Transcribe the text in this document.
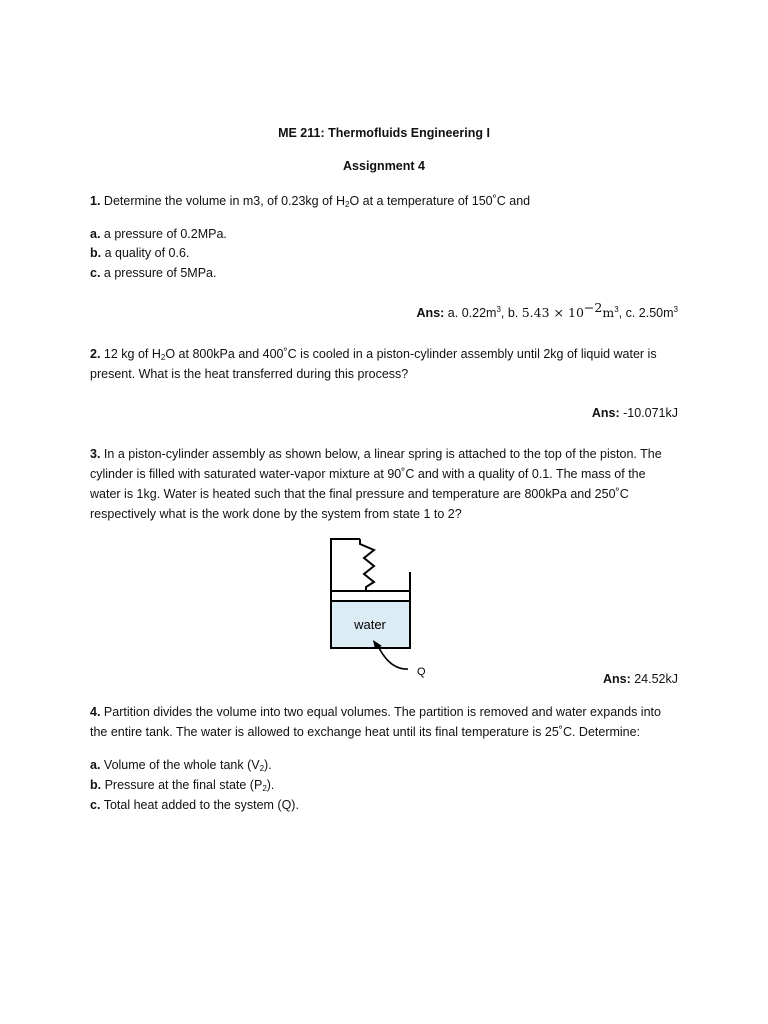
ME 211: Thermofluids Engineering I
Assignment 4
1. Determine the volume in m3, of 0.23kg of $H_2O$ at a temperature of 150˚C and
a. a pressure of 0.2MPa.
b. a quality of 0.6.
c. a pressure of 5MPa.
Ans: a. $0.22m^3$, b. $5.43 \times 10^{-2}m^3$, c. $2.50m^3$
2. 12 kg of $H_2O$ at 800kPa and 400˚C is cooled in a piston-cylinder assembly until 2kg of liquid water is
present. What is the heat transferred during this process?
Ans: -10.071kJ
3. In a piston-cylinder assembly as shown below, a linear spring is attached to the top of the piston. The
cylinder is filled with saturated water-vapor mixture at 90˚C and with a quality of 0.1. The mass of the
water is 1kg. Water is heated such that the final pressure and temperature are 800kPa and 250˚C
respectively what is the work done by the system from state 1 to 2?
water
Q	Ans: 24.52kJ
4. Partition divides the volume into two equal volumes. The partition is removed and water expands into
the entire tank. The water is allowed to exchange heat until its final temperature is 25˚C. Determine:
a. Volume of the whole tank $(V_2)$.
b. Pressure at the final state $(P_2)$.
c. Total heat added to the system (Q).
